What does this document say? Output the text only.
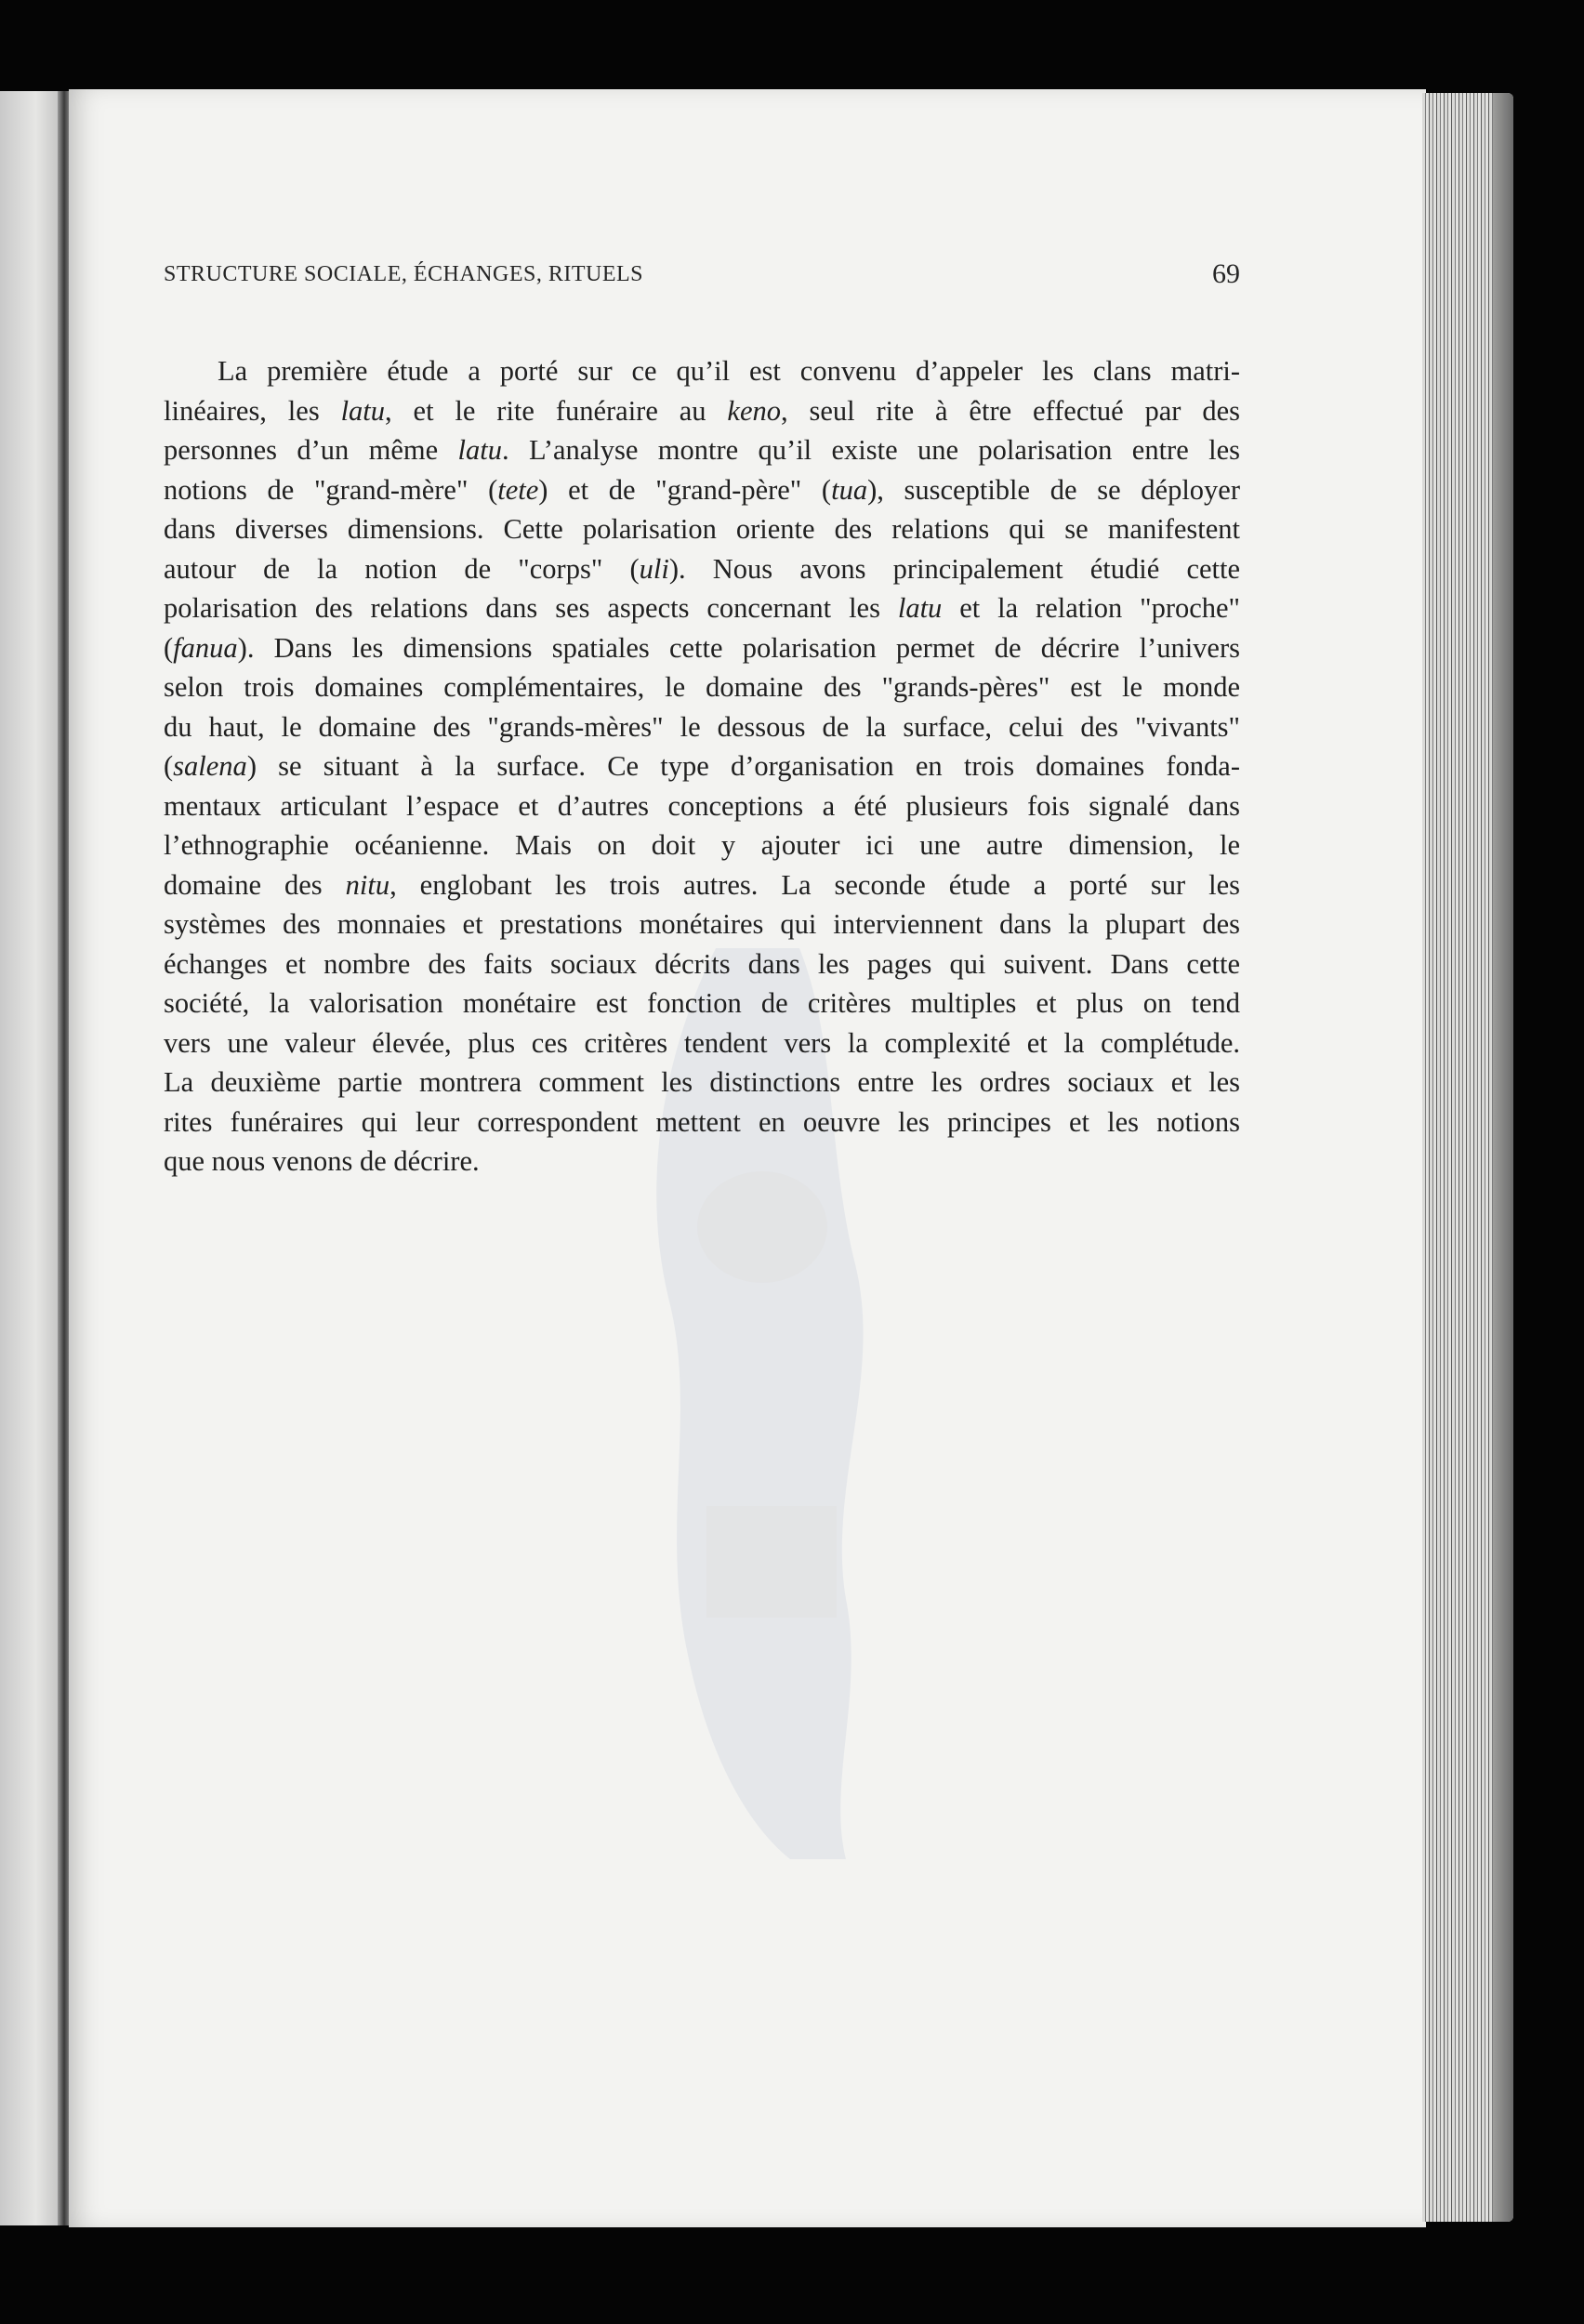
STRUCTURE SOCIALE, ÉCHANGES, RITUELS	69

La première étude a porté sur ce qu’il est convenu d’appeler les clans matri-
linéaires, les latu, et le rite funéraire au keno, seul rite à être effectué par des
personnes d’un même latu. L’analyse montre qu’il existe une polarisation entre les
notions de "grand-mère" (tete) et de "grand-père" (tua), susceptible de se déployer
dans diverses dimensions. Cette polarisation oriente des relations qui se manifestent
autour de la notion de "corps" (uli). Nous avons principalement étudié cette
polarisation des relations dans ses aspects concernant les latu et la relation "proche"
(fanua). Dans les dimensions spatiales cette polarisation permet de décrire l’univers
selon trois domaines complémentaires, le domaine des "grands-pères" est le monde
du haut, le domaine des "grands-mères" le dessous de la surface, celui des "vivants"
(salena) se situant à la surface. Ce type d’organisation en trois domaines fonda-
mentaux articulant l’espace et d’autres conceptions a été plusieurs fois signalé dans
l’ethnographie océanienne. Mais on doit y ajouter ici une autre dimension, le
domaine des nitu, englobant les trois autres. La seconde étude a porté sur les
systèmes des monnaies et prestations monétaires qui interviennent dans la plupart des
échanges et nombre des faits sociaux décrits dans les pages qui suivent. Dans cette
société, la valorisation monétaire est fonction de critères multiples et plus on tend
vers une valeur élevée, plus ces critères tendent vers la complexité et la complétude.
La deuxième partie montrera comment les distinctions entre les ordres sociaux et les
rites funéraires qui leur correspondent mettent en oeuvre les principes et les notions
que nous venons de décrire.
